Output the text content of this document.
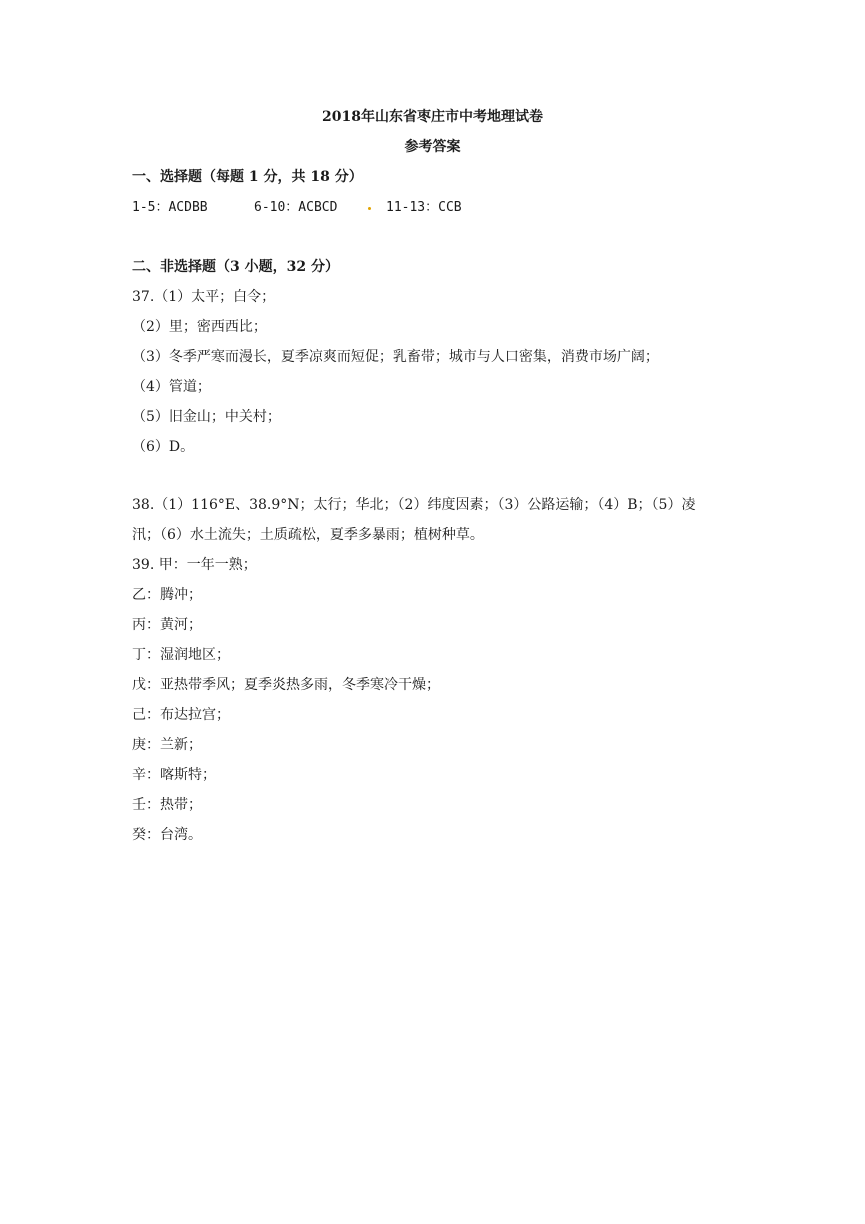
2018年山东省枣庄市中考地理试卷
参考答案
一、选择题（每题 1 分，共 18 分）
1-5：ACDBB	6-10：ACBCD	11-13：CCB
二、非选择题（3 小题，32 分）
37.（1）太平；白令；
（2）里；密西西比；
（3）冬季严寒而漫长，夏季凉爽而短促；乳畜带；城市与人口密集，消费市场广阔；
（4）管道；
（5）旧金山；中关村；
（6）D。
38.（1）116°E、38.9°N；太行；华北；（2）纬度因素；（3）公路运输；（4）B；（5）凌
汛；（6）水土流失；土质疏松，夏季多暴雨；植树种草。
39. 甲：一年一熟；
乙：腾冲；
丙：黄河；
丁：湿润地区；
戊：亚热带季风；夏季炎热多雨，冬季寒冷干燥；
己：布达拉宫；
庚：兰新；
辛：喀斯特；
壬：热带；
癸：台湾。
